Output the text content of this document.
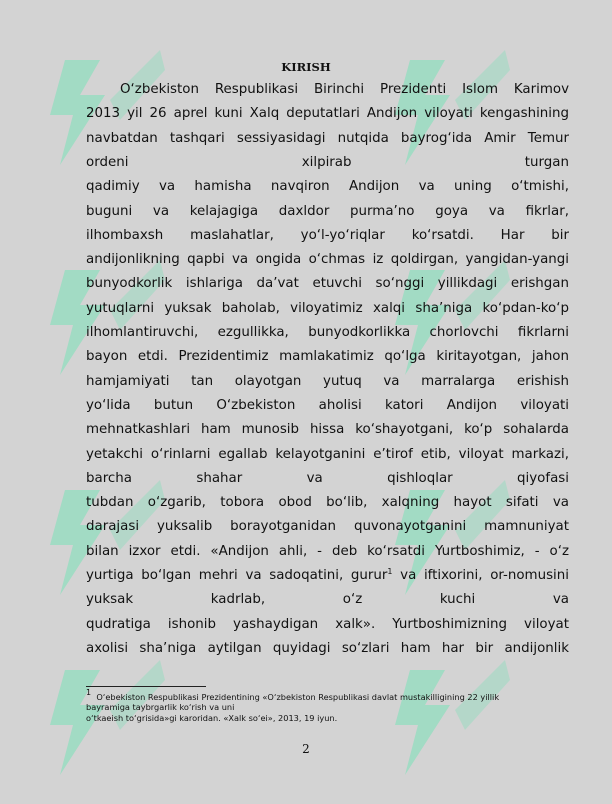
KIRISH
O‘zbekiston Respublikasi Birinchi Prezidenti Islom Karimov
2013 yil 26 aprel kuni Xalq deputatlari Andijon viloyati kengashining
navbatdan tashqari sessiyasidagi nutqida bayrog‘ida Amir Temur
ordeni xilpirab turgan
qadimiy va hamisha navqiron Andijon va uning o‘tmishi,
buguni va kelajagiga daxldor purma’no goya va fikrlar,
ilhombaxsh maslahatlar, yo‘l-yo‘riqlar ko‘rsatdi. Har bir
andijonlikning qapbi va ongida o‘chmas iz qoldirgan, yangidan-yangi
bunyodkorlik ishlariga da’vat etuvchi so‘nggi yillikdagi erishgan
yutuqlarni yuksak baholab, viloyatimiz xalqi sha’niga ko‘pdan-ko‘p
ilhomlantiruvchi, ezgullikka, bunyodkorlikka chorlovchi fikrlarni
bayon etdi. Prezidentimiz mamlakatimiz qo‘lga kiritayotgan, jahon
hamjamiyati tan olayotgan yutuq va marralarga erishish
yo‘lida butun O‘zbekiston aholisi katori Andijon viloyati
mehnatkashlari ham munosib hissa ko‘shayotgani, ko‘p sohalarda
yetakchi o‘rinlarni egallab kelayotganini e’tirof etib, viloyat markazi,
barcha shahar va qishloqlar qiyofasi
tubdan o‘zgarib, tobora obod bo‘lib, xalqning hayot sifati va
darajasi yuksalib borayotganidan quvonayotganini mamnuniyat
bilan izxor etdi. «Andijon ahli, - deb ko‘rsatdi Yurtboshimiz, - o‘z
yurtiga bo‘lgan mehri va sadoqatini, gurur$^1$ va iftixorini, or-nomusini
yuksak kadrlab, o‘z kuchi va
qudratiga ishonib yashaydigan xalk». Yurtboshimizning viloyat
axolisi sha’niga aytilgan quyidagi so‘zlari ham har bir andijonlik
$^1$ O‘ebekiston Respublikasi Prezidentining «O‘zbekiston Respublikasi davlat mustakilligining 22 yillik
bayramiga taybrgarlik ko‘rish va uni
o‘tkaeish to‘grisida»gi karoridan. «Xalk so‘ei», 2013, 19 iyun.
2
